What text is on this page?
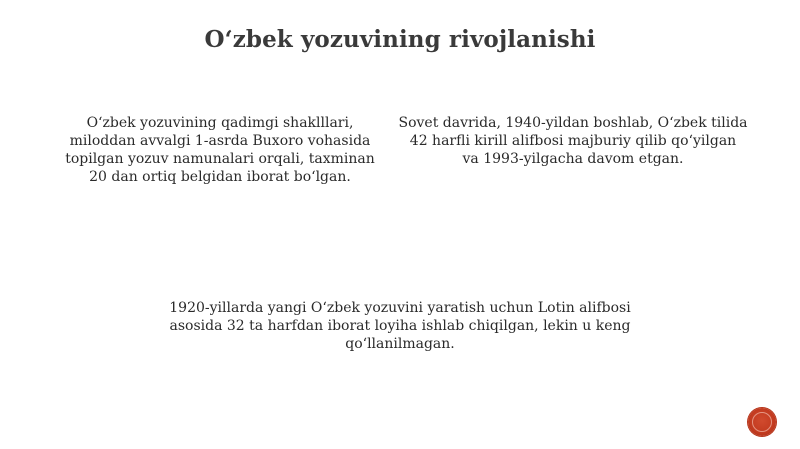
O‘zbek yozuvining rivojlanishi
O‘zbek yozuvining qadimgi shaklllari,
miloddan avvalgi 1-asrda Buxoro vohasida
topilgan yozuv namunalari orqali, taxminan
20 dan ortiq belgidan iborat bo‘lgan.
Sovet davrida, 1940-yildan boshlab, O‘zbek tilida
42 harfli kirill alifbosi majburiy qilib qo‘yilgan
va 1993-yilgacha davom etgan.
1920-yillarda yangi O‘zbek yozuvini yaratish uchun Lotin alifbosi
asosida 32 ta harfdan iborat loyiha ishlab chiqilgan, lekin u keng
qo‘llanilmagan.
